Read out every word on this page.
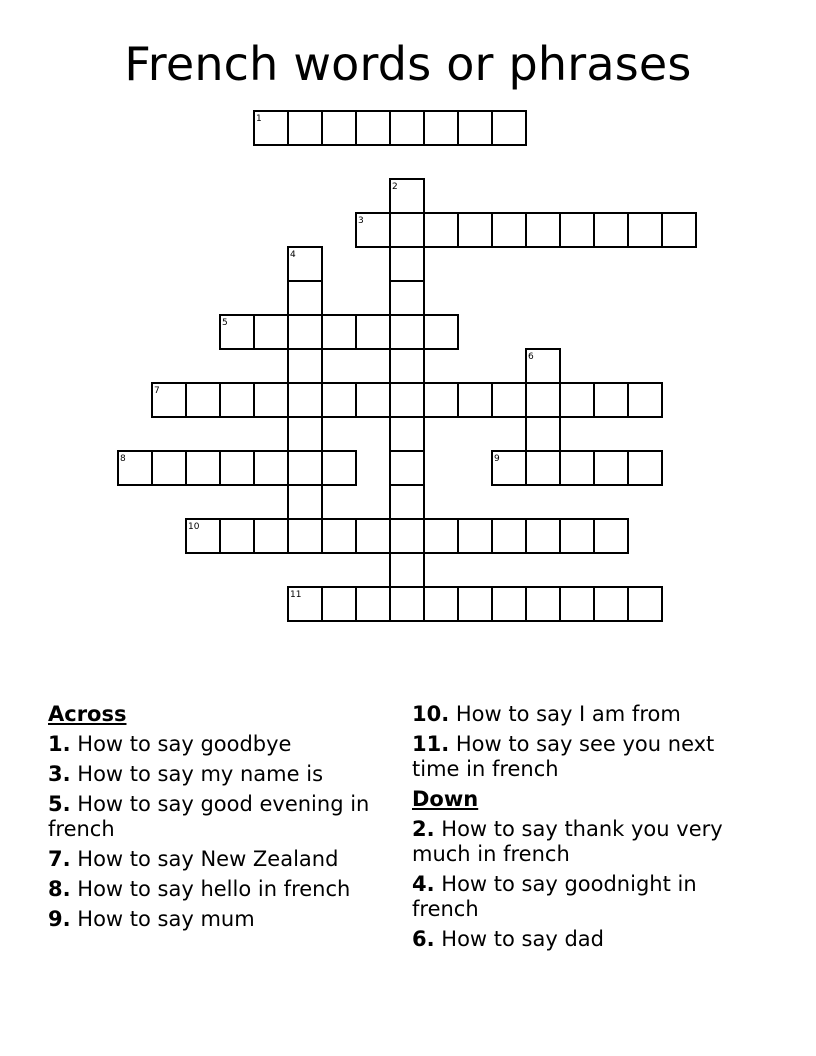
French words or phrases
1
3
5
7
8	9
10
11
2
4
6
Across
1. How to say goodbye
3. How to say my name is
5. How to say good evening in french
7. How to say New Zealand
8. How to say hello in french
9. How to say mum
10. How to say I am from
11. How to say see you next time in french
Down
2. How to say thank you very much in french
4. How to say goodnight in french
6. How to say dad
